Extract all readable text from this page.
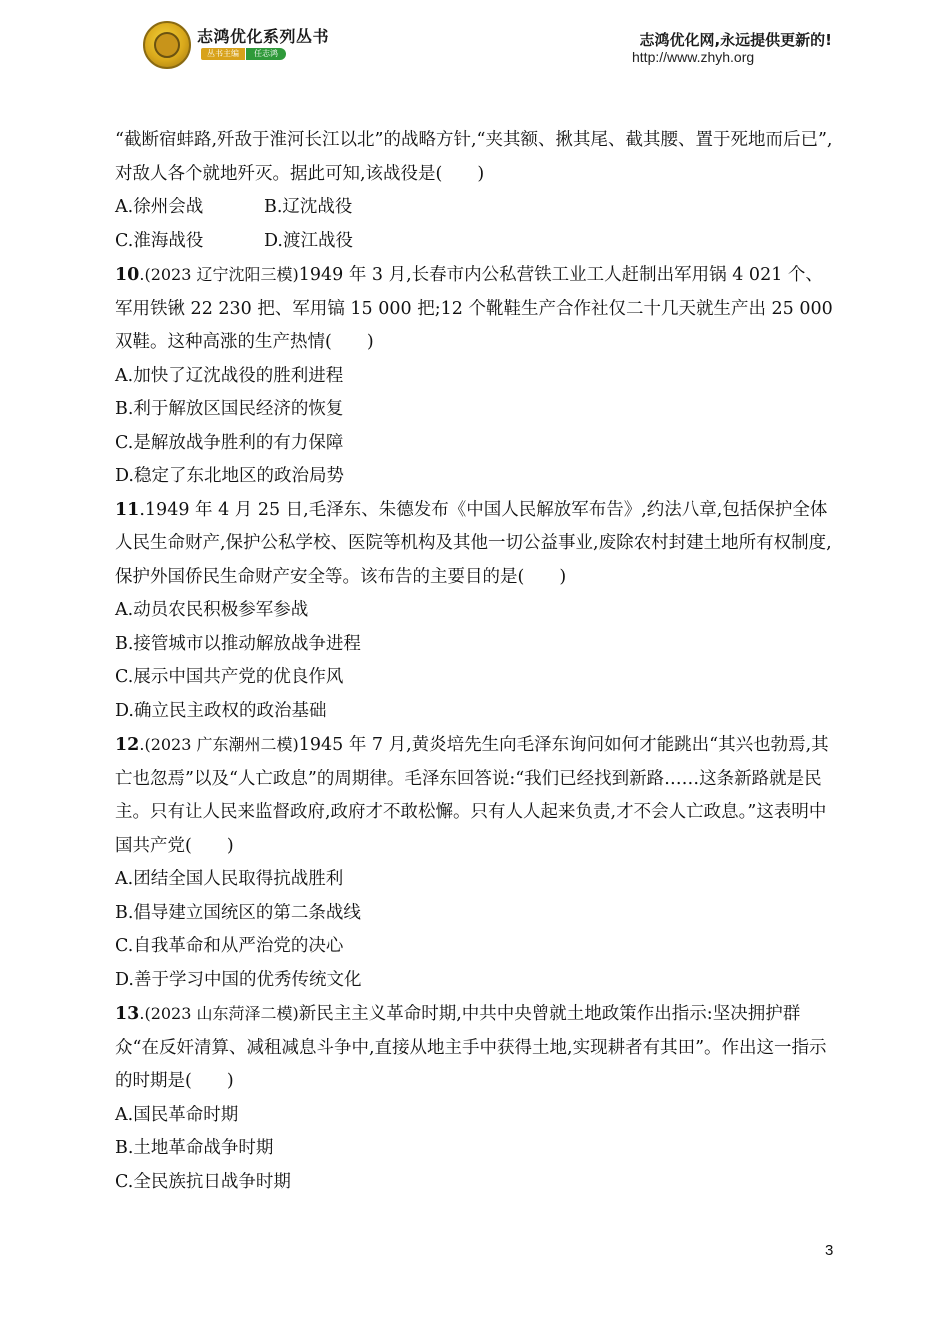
志鸿优化系列丛书
丛书主编	任志鸿
志鸿优化网,永远提供更新的!
http://www.zhyh.org

“截断宿蚌路,歼敌于淮河长江以北”的战略方针,“夹其额、揪其尾、截其腰、置于死地而后已”,对敌人各个就地歼灭。据此可知,该战役是(　　)

A.徐州会战	B.辽沈战役
C.淮海战役	D.渡江战役

10.(2023 辽宁沈阳三模)1949 年 3 月,长春市内公私营铁工业工人赶制出军用锅 4 021 个、军用铁锹 22 230 把、军用镐 15 000 把;12 个靴鞋生产合作社仅二十几天就生产出 25 000 双鞋。这种高涨的生产热情(　　)

A.加快了辽沈战役的胜利进程

B.利于解放区国民经济的恢复

C.是解放战争胜利的有力保障

D.稳定了东北地区的政治局势

11.1949 年 4 月 25 日,毛泽东、朱德发布《中国人民解放军布告》,约法八章,包括保护全体人民生命财产,保护公私学校、医院等机构及其他一切公益事业,废除农村封建土地所有权制度,保护外国侨民生命财产安全等。该布告的主要目的是(　　)

A.动员农民积极参军参战

B.接管城市以推动解放战争进程

C.展示中国共产党的优良作风

D.确立民主政权的政治基础

12.(2023 广东潮州二模)1945 年 7 月,黄炎培先生向毛泽东询问如何才能跳出“其兴也勃焉,其亡也忽焉”以及“人亡政息”的周期律。毛泽东回答说:“我们已经找到新路……这条新路就是民主。只有让人民来监督政府,政府才不敢松懈。只有人人起来负责,才不会人亡政息。”这表明中国共产党(　　)

A.团结全国人民取得抗战胜利

B.倡导建立国统区的第二条战线

C.自我革命和从严治党的决心

D.善于学习中国的优秀传统文化

13.(2023 山东菏泽二模)新民主主义革命时期,中共中央曾就土地政策作出指示:坚决拥护群众“在反奸清算、减租减息斗争中,直接从地主手中获得土地,实现耕者有其田”。作出这一指示的时期是(　　)

A.国民革命时期

B.土地革命战争时期

C.全民族抗日战争时期

3
